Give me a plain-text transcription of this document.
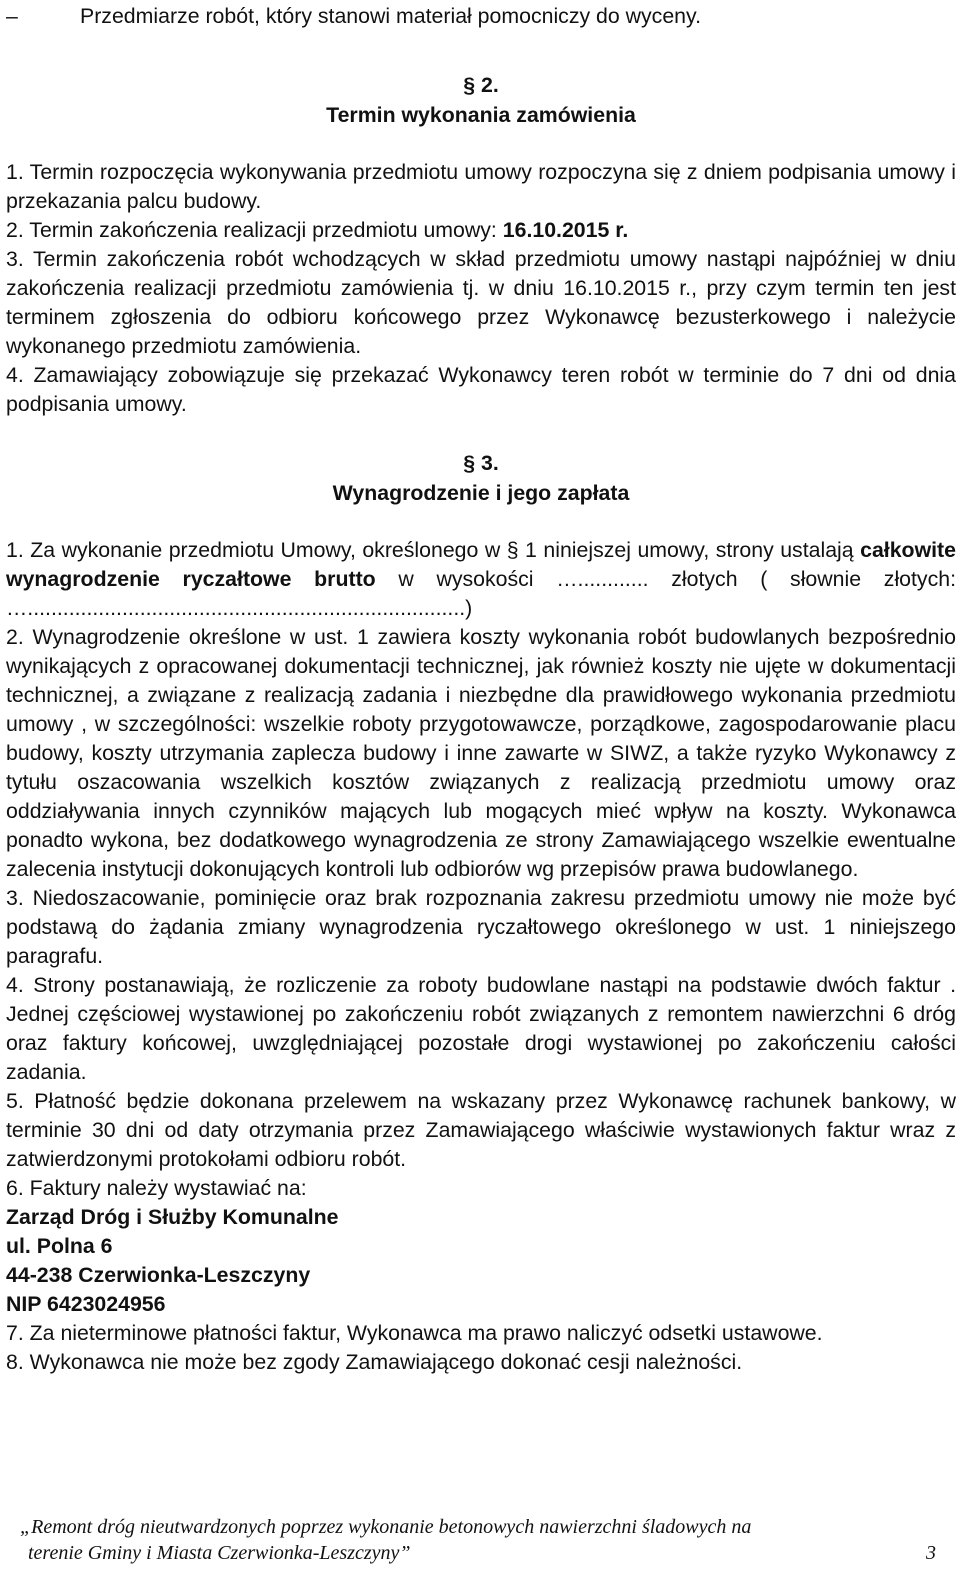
–	Przedmiarze robót, który stanowi materiał pomocniczy do wyceny.

§ 2.
Termin wykonania zamówienia

1. Termin rozpoczęcia wykonywania przedmiotu umowy rozpoczyna się z dniem podpisania umowy i przekazania palcu budowy.

2. Termin zakończenia realizacji przedmiotu umowy: 16.10.2015 r.

3. Termin zakończenia robót wchodzących w skład przedmiotu umowy nastąpi najpóźniej w dniu zakończenia realizacji przedmiotu zamówienia tj. w dniu 16.10.2015 r., przy czym termin ten jest terminem zgłoszenia do odbioru końcowego przez Wykonawcę bezusterkowego i należycie wykonanego przedmiotu zamówienia.

4. Zamawiający zobowiązuje się przekazać Wykonawcy teren robót w terminie do 7 dni od dnia podpisania umowy.

§ 3.
Wynagrodzenie i jego zapłata

1. Za wykonanie przedmiotu Umowy, określonego w § 1 niniejszej umowy, strony ustalają całkowite wynagrodzenie ryczałtowe brutto w wysokości …............ złotych ( słownie złotych: …..........................................................................)

2. Wynagrodzenie określone w ust. 1 zawiera koszty wykonania robót budowlanych bezpośrednio wynikających z opracowanej dokumentacji technicznej, jak również koszty nie ujęte w dokumentacji technicznej, a związane z realizacją zadania i niezbędne dla prawidłowego wykonania przedmiotu umowy , w szczególności: wszelkie roboty przygotowawcze, porządkowe, zagospodarowanie placu budowy, koszty utrzymania zaplecza budowy i inne zawarte w SIWZ, a także ryzyko Wykonawcy z tytułu oszacowania wszelkich kosztów związanych z realizacją przedmiotu umowy oraz oddziaływania innych czynników mających lub mogących mieć wpływ na koszty. Wykonawca ponadto wykona, bez dodatkowego wynagrodzenia ze strony Zamawiającego wszelkie ewentualne zalecenia instytucji dokonujących kontroli lub odbiorów wg przepisów prawa budowlanego.

3. Niedoszacowanie, pominięcie oraz brak rozpoznania zakresu przedmiotu umowy nie może być podstawą do żądania zmiany wynagrodzenia ryczałtowego określonego w ust. 1 niniejszego paragrafu.

4. Strony postanawiają, że rozliczenie za roboty budowlane nastąpi na podstawie dwóch faktur . Jednej częściowej wystawionej po zakończeniu robót związanych z remontem nawierzchni 6 dróg oraz faktury końcowej, uwzględniającej pozostałe drogi wystawionej po zakończeniu całości zadania.

5. Płatność będzie dokonana przelewem na wskazany przez Wykonawcę rachunek bankowy, w terminie 30 dni od daty otrzymania przez Zamawiającego właściwie wystawionych faktur wraz z zatwierdzonymi protokołami odbioru robót.

6. Faktury należy wystawiać na:

Zarząd Dróg i Służby Komunalne

ul. Polna 6

44-238 Czerwionka-Leszczyny

NIP 6423024956

7. Za nieterminowe płatności faktur, Wykonawca ma prawo naliczyć odsetki ustawowe.

8. Wykonawca nie może bez zgody Zamawiającego dokonać cesji należności.

„Remont dróg nieutwardzonych poprzez wykonanie betonowych nawierzchni śladowych na
terenie Gminy i Miasta Czerwionka-Leszczyny”	3
